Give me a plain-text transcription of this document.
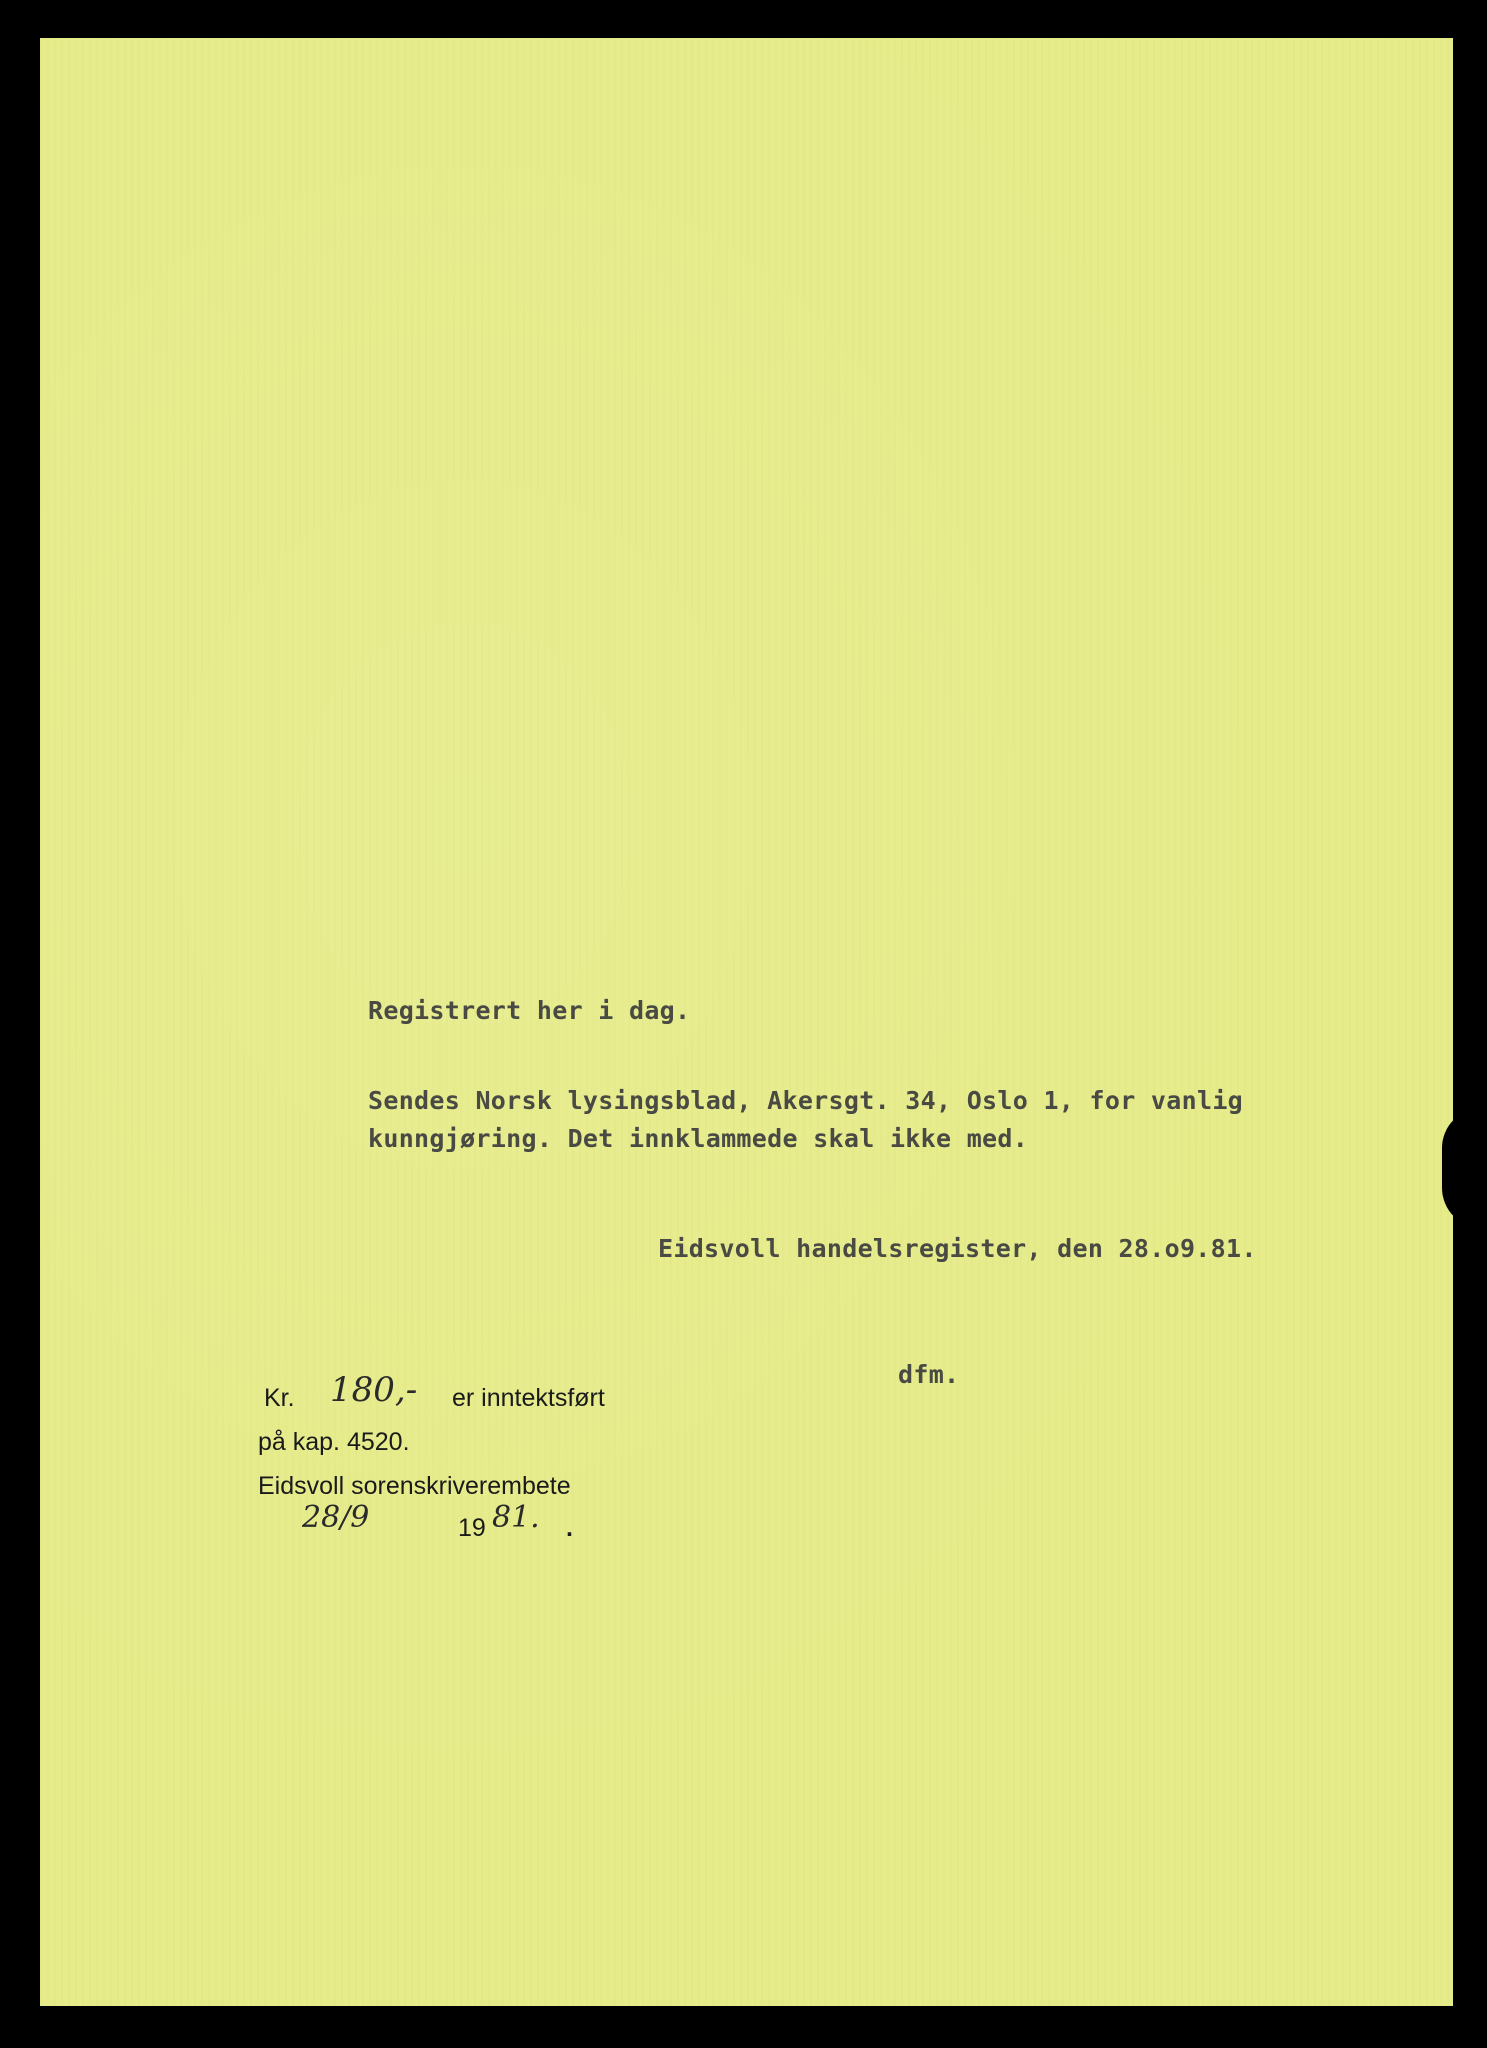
Registrert her i dag.
Sendes Norsk lysingsblad, Akersgt. 34, Oslo 1, for vanlig
kunngjøring. Det innklammede skal ikke med.
Eidsvoll handelsregister, den 28.o9.81.
dfm.
Kr. 180,- er inntektsført
på kap. 4520.
Eidsvoll sorenskriverembete
28/9	19 81. .
